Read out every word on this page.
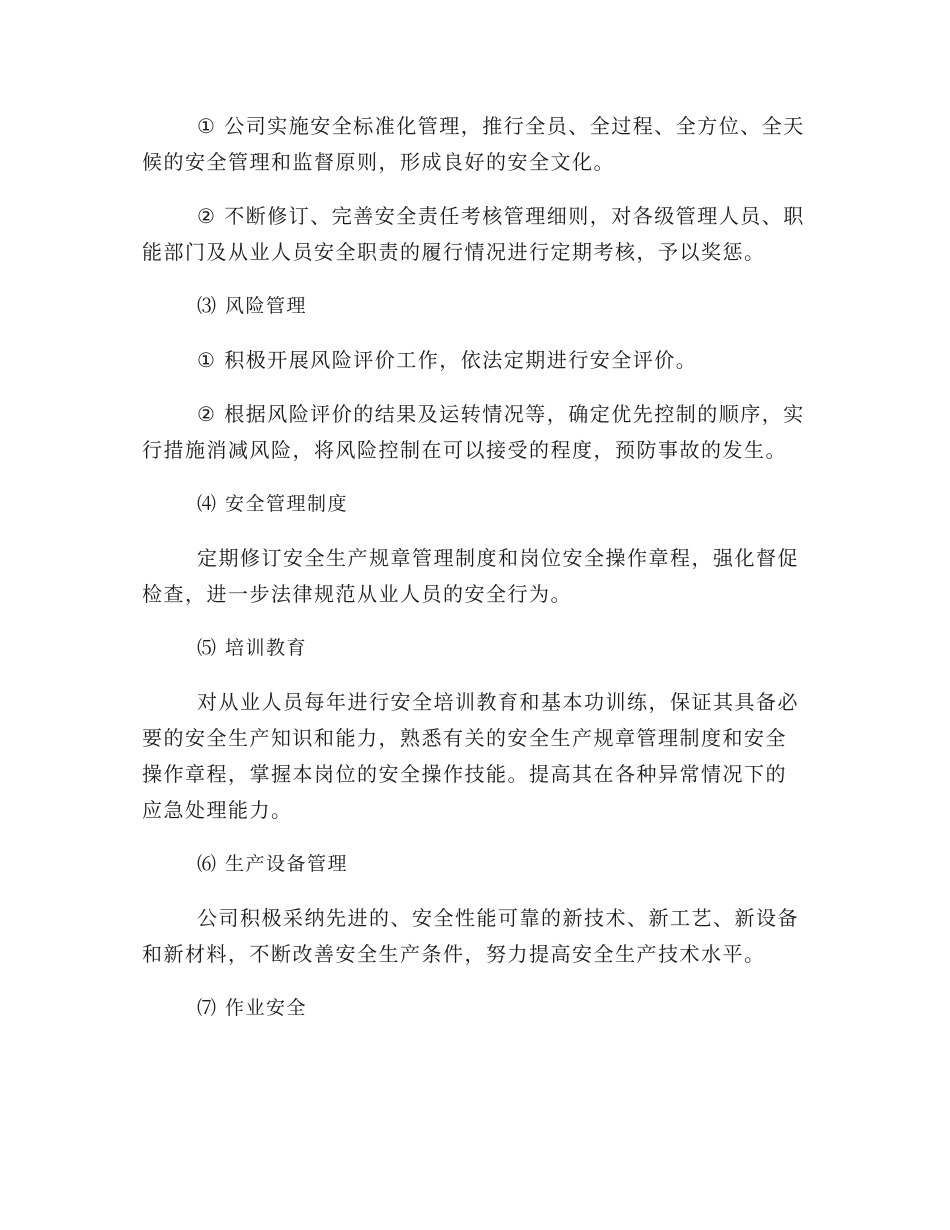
① 公司实施安全标准化管理，推行全员、全过程、全方位、全天候的安全管理和监督原则，形成良好的安全文化。

② 不断修订、完善安全责任考核管理细则，对各级管理人员、职能部门及从业人员安全职责的履行情况进行定期考核，予以奖惩。

⑶ 风险管理

① 积极开展风险评价工作，依法定期进行安全评价。

② 根据风险评价的结果及运转情况等，确定优先控制的顺序，实行措施消减风险，将风险控制在可以接受的程度，预防事故的发生。

⑷ 安全管理制度

定期修订安全生产规章管理制度和岗位安全操作章程，强化督促检查，进一步法律规范从业人员的安全行为。

⑸ 培训教育

对从业人员每年进行安全培训教育和基本功训练，保证其具备必要的安全生产知识和能力，熟悉有关的安全生产规章管理制度和安全操作章程，掌握本岗位的安全操作技能。提高其在各种异常情况下的应急处理能力。

⑹ 生产设备管理

公司积极采纳先进的、安全性能可靠的新技术、新工艺、新设备和新材料，不断改善安全生产条件，努力提高安全生产技术水平。

⑺ 作业安全
